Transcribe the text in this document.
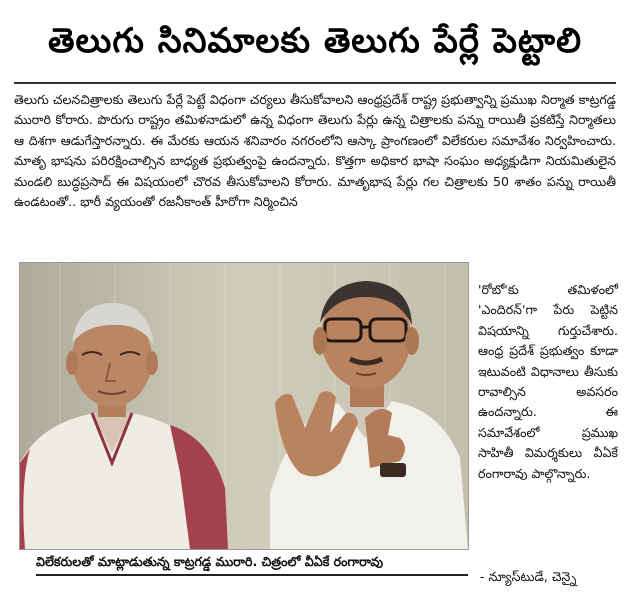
తెలుగు సినిమాలకు తెలుగు పేర్లే పెట్టాలి

తెలుగు చలనచిత్రాలకు తెలుగు పేర్లే పెట్టే విధంగా చర్యలు తీసుకోవాలని ఆంధ్రప్రదేశ్ రాష్ట్ర ప్రభుత్వాన్ని ప్రముఖ నిర్మాత కాట్రగడ్డ మురారి కోరారు. పొరుగు రాష్ట్రం తమిళనాడులో ఉన్న విధంగా తెలుగు పేర్లు ఉన్న చిత్రాలకు పన్ను రాయితీ ప్రకటిస్తే నిర్మాతలు ఆ దిశగా ఆడుగేస్తారన్నారు. ఈ మేరకు ఆయన శనివారం నగరంలోని ఆస్కా ప్రాంగణంలో విలేకరుల సమావేశం నిర్వహించారు. మాతృ భాషను పరిరక్షించాల్సిన బాధ్యత ప్రభుత్వంపై ఉందన్నారు. కొత్తగా అధికార భాషా సంఘం అధ్యక్షుడిగా నియమితులైన మండలి బుద్ధప్రసాద్ ఈ విషయంలో చొరవ తీసుకోవాలని కోరారు. మాతృభాష పేర్లు గల చిత్రాలకు 50 శాతం పన్ను రాయితీ ఉండటంతో.. భారీ వ్యయంతో రజనీకాంత్ హీరోగా నిర్మించిన

'రోబో'కు తమిళంలో 'ఎందిరన్'గా పేరు పెట్టిన విషయాన్ని గుర్తుచేశారు. ఆంధ్ర ప్రదేశ్ ప్రభుత్వం కూడా ఇటువంటి విధానాలు తీసుకు రావాల్సిన అవసరం ఉందన్నారు. ఈ సమావేశంలో ప్రముఖ సాహితీ విమర్శకులు వీఏకే రంగారావు పాల్గొన్నారు.

విలేకరులతో మాట్లాడుతున్న కాట్రగడ్డ మురారి. చిత్రంలో వీఏకే రంగారావు
- న్యూస్‌టుడే, చెన్నై
